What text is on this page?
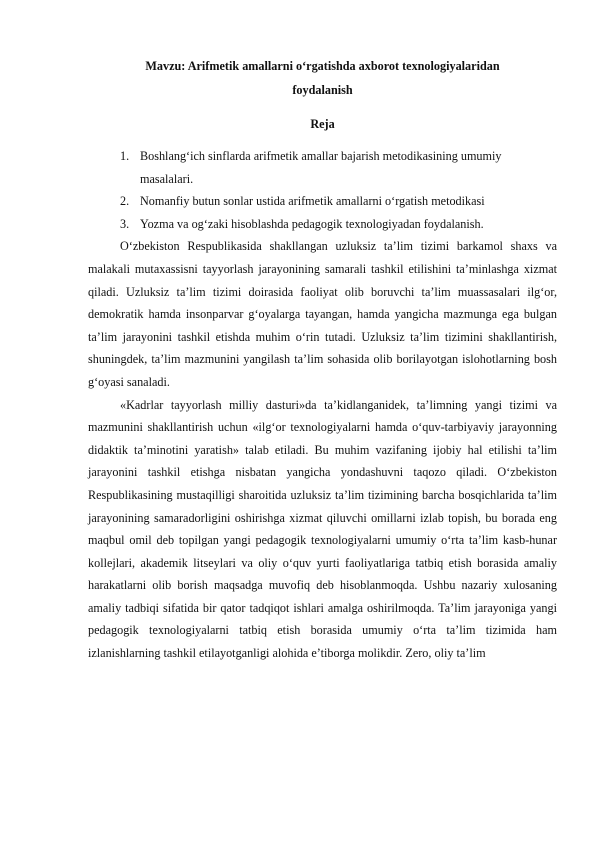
Mavzu: Arifmetik amallarni o‘rgatishda axborot texnologiyalaridan
foydalanish
Reja
1. Boshlang‘ich sinflarda arifmetik amallar bajarish metodikasining umumiy masalalari.
2. Nomanfiy butun sonlar ustida arifmetik amallarni o‘rgatish metodikasi
3. Yozma va og‘zaki hisoblashda pedagogik texnologiyadan foydalanish.

O‘zbekiston Respublikasida shakllangan uzluksiz ta’lim tizimi barkamol shaxs va malakali mutaxassisni tayyorlash jarayonining samarali tashkil etilishini ta’minlashga xizmat qiladi. Uzluksiz ta’lim tizimi doirasida faoliyat olib boruvchi ta’lim muassasalari ilg‘or, demokratik hamda insonparvar g‘oyalarga tayangan, hamda yangicha mazmunga ega bulgan ta’lim jarayonini tashkil etishda muhim o‘rin tutadi. Uzluksiz ta’lim tizimini shakllantirish, shuningdek, ta’lim mazmunini yangilash ta’lim sohasida olib borilayotgan islohotlarning bosh g‘oyasi sanaladi.

«Kadrlar tayyorlash milliy dasturi»da ta’kidlanganidek, ta’limning yangi tizimi va mazmunini shakllantirish uchun «ilg‘or texnologiyalarni hamda o‘quv-tarbiyaviy jarayonning didaktik ta’minotini yaratish» talab etiladi. Bu muhim vazifaning ijobiy hal etilishi ta’lim jarayonini tashkil etishga nisbatan yangicha yondashuvni taqozo qiladi. O‘zbekiston Respublikasining mustaqilligi sharoitida uzluksiz ta’lim tizimining barcha bosqichlarida ta’lim jarayonining samaradorligini oshirishga xizmat qiluvchi omillarni izlab topish, bu borada eng maqbul omil deb topilgan yangi pedagogik texnologiyalarni umumiy o‘rta ta’lim kasb-hunar kollejlari, akademik litseylari va oliy o‘quv yurti faoliyatlariga tatbiq etish borasida amaliy harakatlarni olib borish maqsadga muvofiq deb hisoblanmoqda. Ushbu nazariy xulosaning amaliy tadbiqi sifatida bir qator tadqiqot ishlari amalga oshirilmoqda. Ta’lim jarayoniga yangi pedagogik texnologiyalarni tatbiq etish borasida umumiy o‘rta ta’lim tizimida ham izlanishlarning tashkil etilayotganligi alohida e’tiborga molikdir. Zero, oliy ta’lim
